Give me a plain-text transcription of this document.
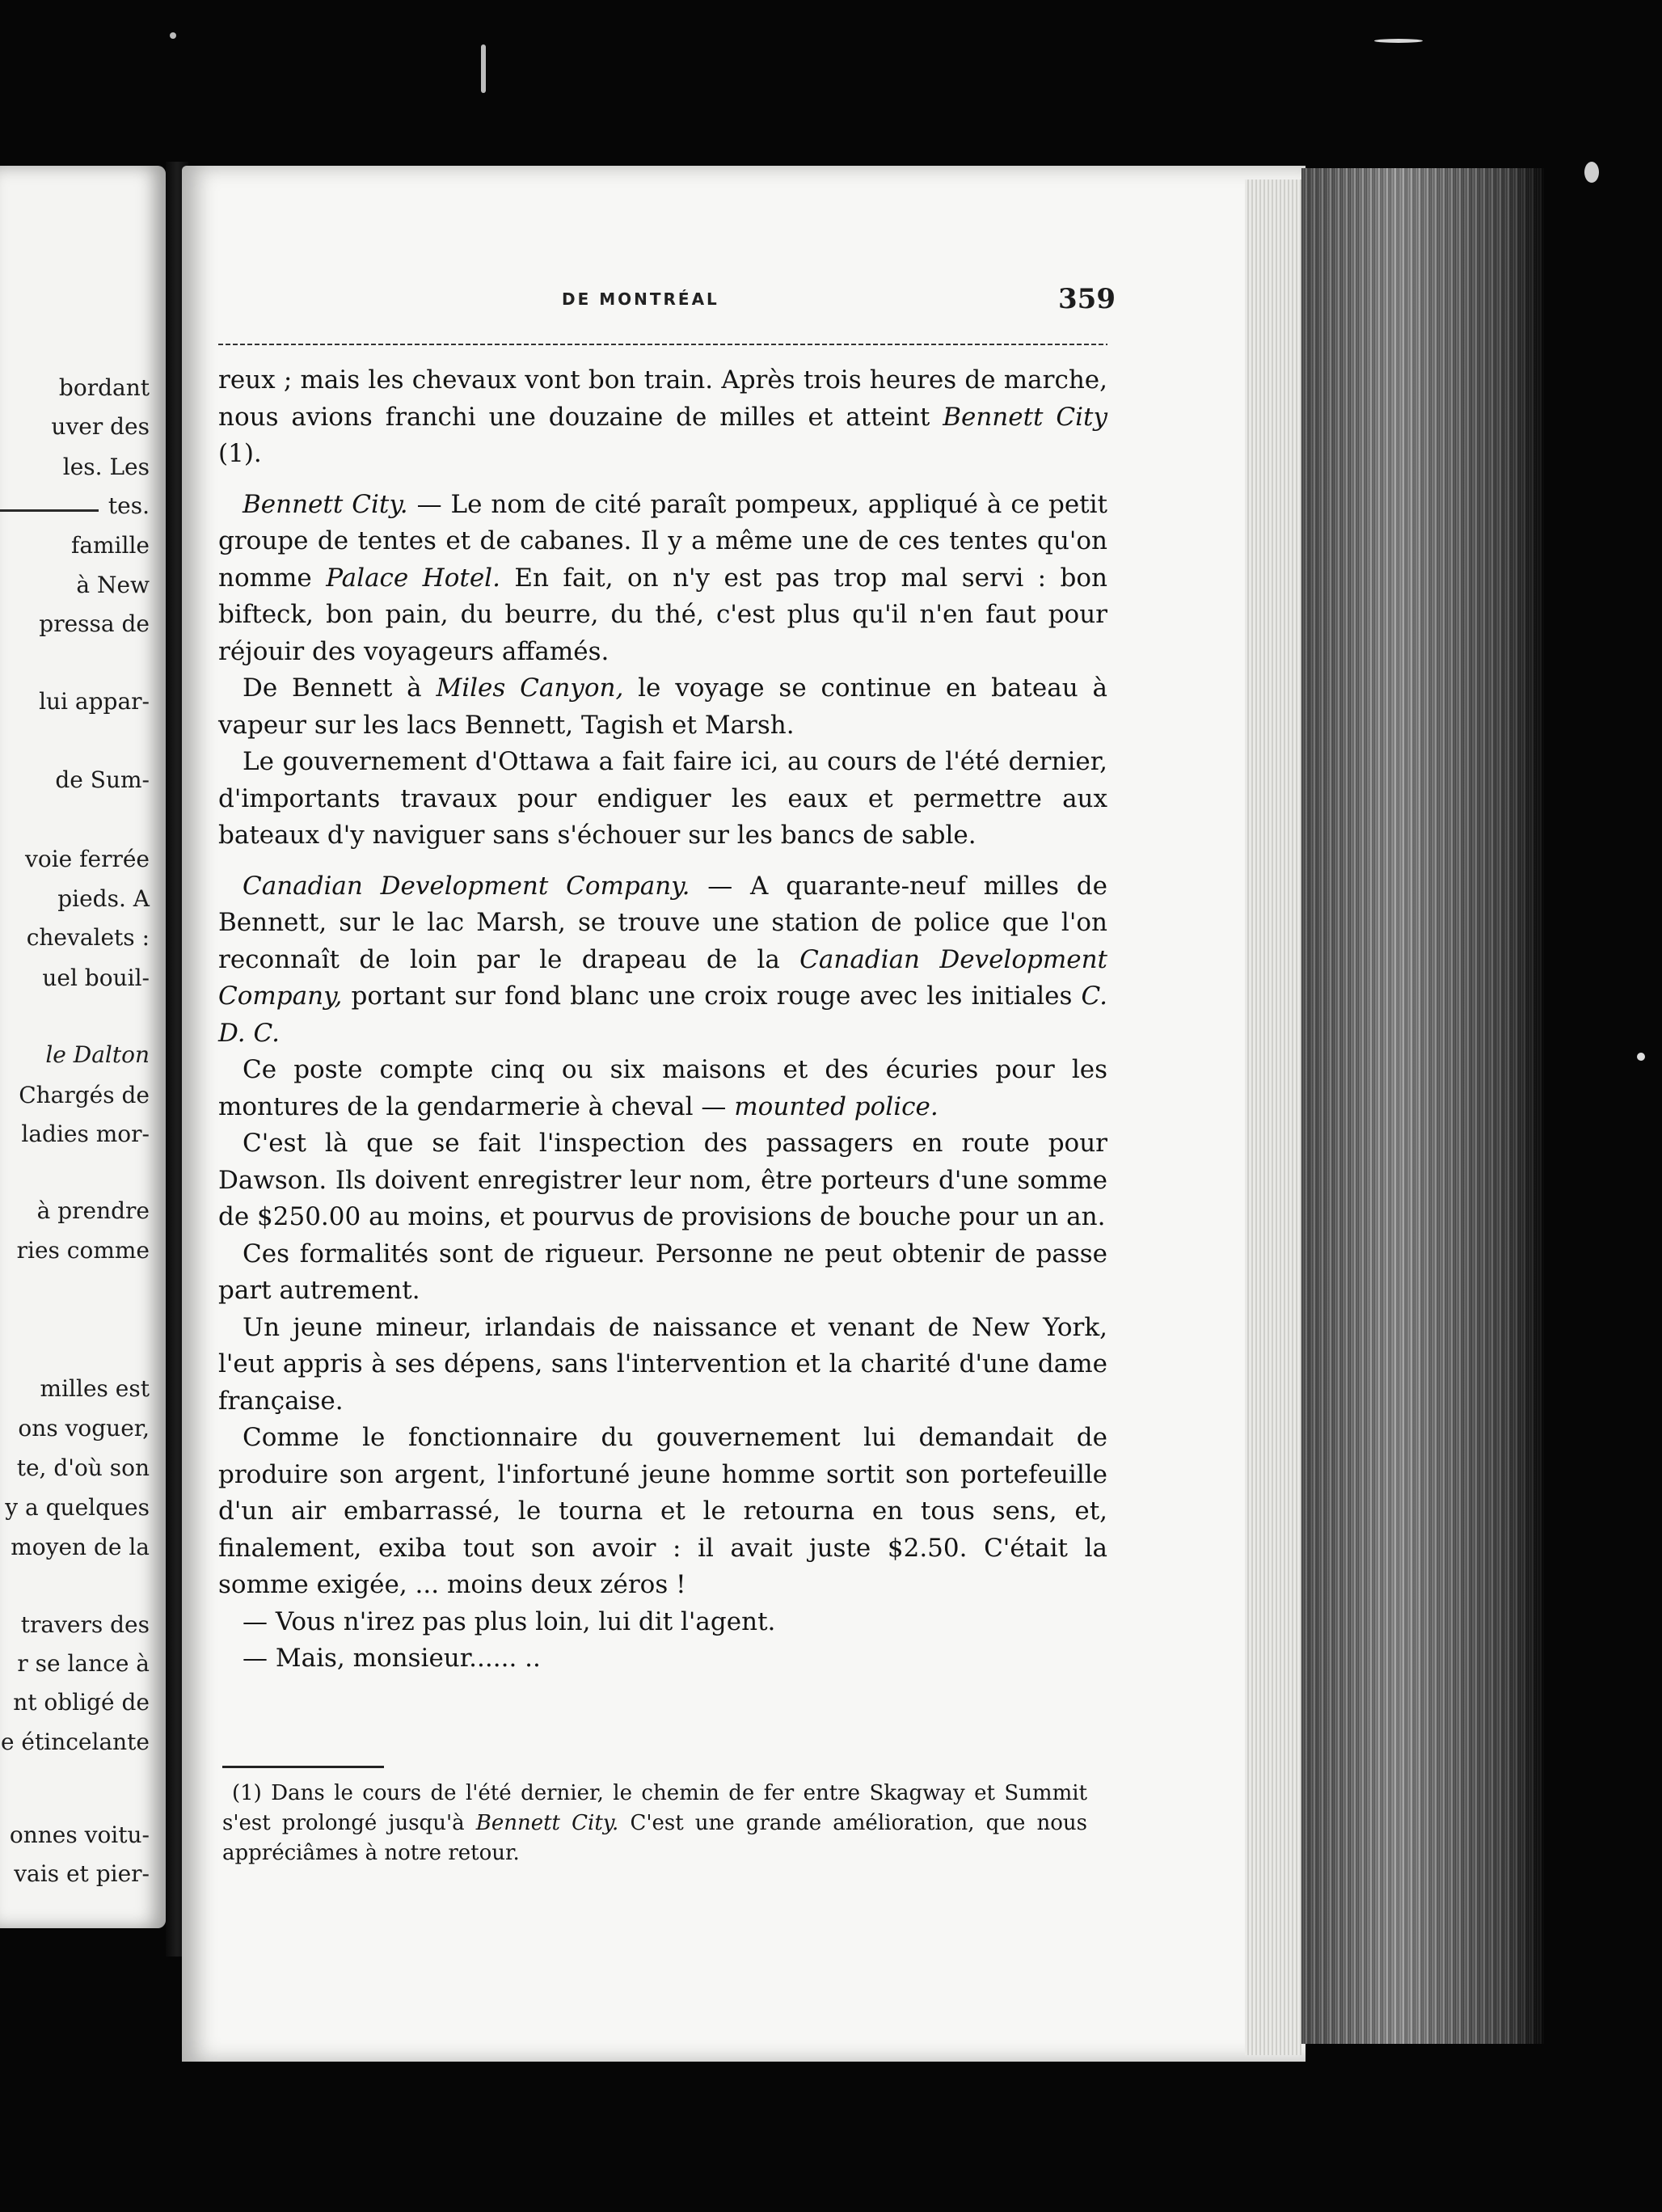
bordant
uver des
les. Les
tes.
famille
à New
pressa de
lui appar-
de Sum-
voie ferrée
pieds. A
chevalets :
uel bouil-
le Dalton
Chargés de
ladies mor-
à prendre
ries comme
milles est
ons voguer,
te, d'où son
y a quelques
moyen de la
travers des
r se lance à
nt obligé de
e étincelante
onnes voitu-
vais et pier-
DE MONTRÉAL	359

reux ; mais les chevaux vont bon train. Après trois heures de marche, nous avions franchi une douzaine de milles et atteint Bennett City (1).

Bennett City. — Le nom de cité paraît pompeux, appliqué à ce petit groupe de tentes et de cabanes. Il y a même une de ces tentes qu'on nomme Palace Hotel. En fait, on n'y est pas trop mal servi : bon bifteck, bon pain, du beurre, du thé, c'est plus qu'il n'en faut pour réjouir des voyageurs affamés.

De Bennett à Miles Canyon, le voyage se continue en bateau à vapeur sur les lacs Bennett, Tagish et Marsh.

Le gouvernement d'Ottawa a fait faire ici, au cours de l'été dernier, d'importants travaux pour endiguer les eaux et permettre aux bateaux d'y naviguer sans s'échouer sur les bancs de sable.

Canadian Development Company. — A quarante-neuf milles de Bennett, sur le lac Marsh, se trouve une station de police que l'on reconnaît de loin par le drapeau de la Canadian Development Company, portant sur fond blanc une croix rouge avec les initiales C. D. C.

Ce poste compte cinq ou six maisons et des écuries pour les montures de la gendarmerie à cheval — mounted police.

C'est là que se fait l'inspection des passagers en route pour Dawson. Ils doivent enregistrer leur nom, être porteurs d'une somme de $250.00 au moins, et pourvus de provisions de bouche pour un an.

Ces formalités sont de rigueur. Personne ne peut obtenir de passe part autrement.

Un jeune mineur, irlandais de naissance et venant de New York, l'eut appris à ses dépens, sans l'intervention et la charité d'une dame française.

Comme le fonctionnaire du gouvernement lui demandait de produire son argent, l'infortuné jeune homme sortit son portefeuille d'un air embarrassé, le tourna et le retourna en tous sens, et, finalement, exiba tout son avoir : il avait juste $2.50. C'était la somme exigée, ... moins deux zéros !

— Vous n'irez pas plus loin, lui dit l'agent.

— Mais, monsieur...... ..

(1) Dans le cours de l'été dernier, le chemin de fer entre Skagway et Summit s'est prolongé jusqu'à Bennett City. C'est une grande amélioration, que nous appréciâmes à notre retour.
